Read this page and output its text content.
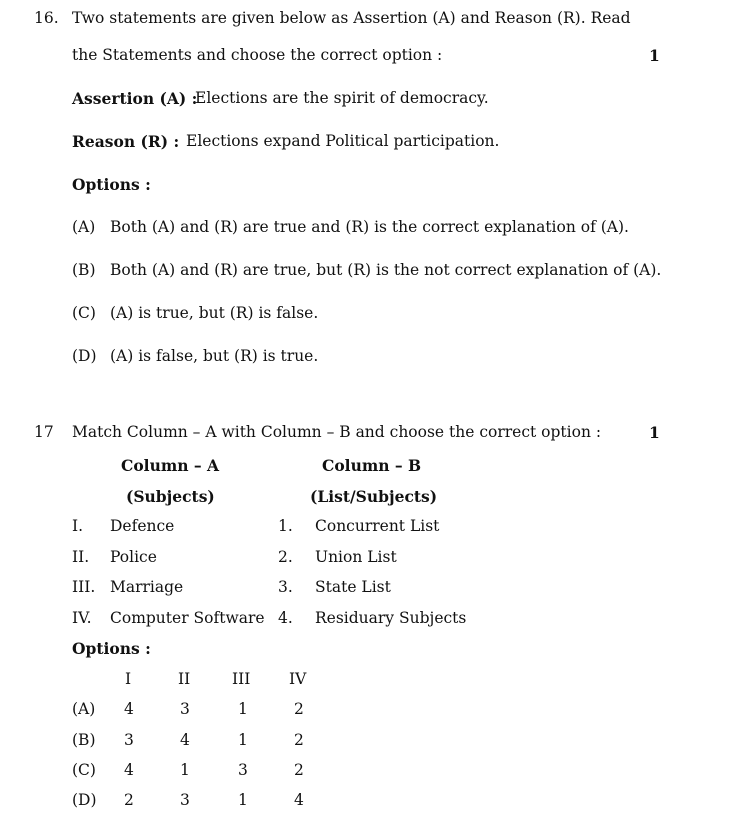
16. Two statements are given below as Assertion (A) and Reason (R). Read
the Statements and choose the correct option :	1
Assertion (A) :
Elections are the spirit of democracy.
Reason (R) : Elections expand Political participation.
Options :
(A) Both (A) and (R) are true and (R) is the correct explanation of (A).
(B) Both (A) and (R) are true, but (R) is the not correct explanation of (A).
(C) (A) is true, but (R) is false.
(D) (A) is false, but (R) is true.
17 Match Column – A with Column – B and choose the correct option :	1
Column – A
(Subjects)
Column – B
(List/Subjects)
I. Defence	1. Concurrent List
II. Police	2. Union List
III. Marriage	3. State List
IV. Computer Software 4. Residuary Subjects
Options :
I	II	III IV
(A) 4	3	1	2
(B) 3	4	1	2
(C) 4	1	3	2
(D) 2	3	1	4
